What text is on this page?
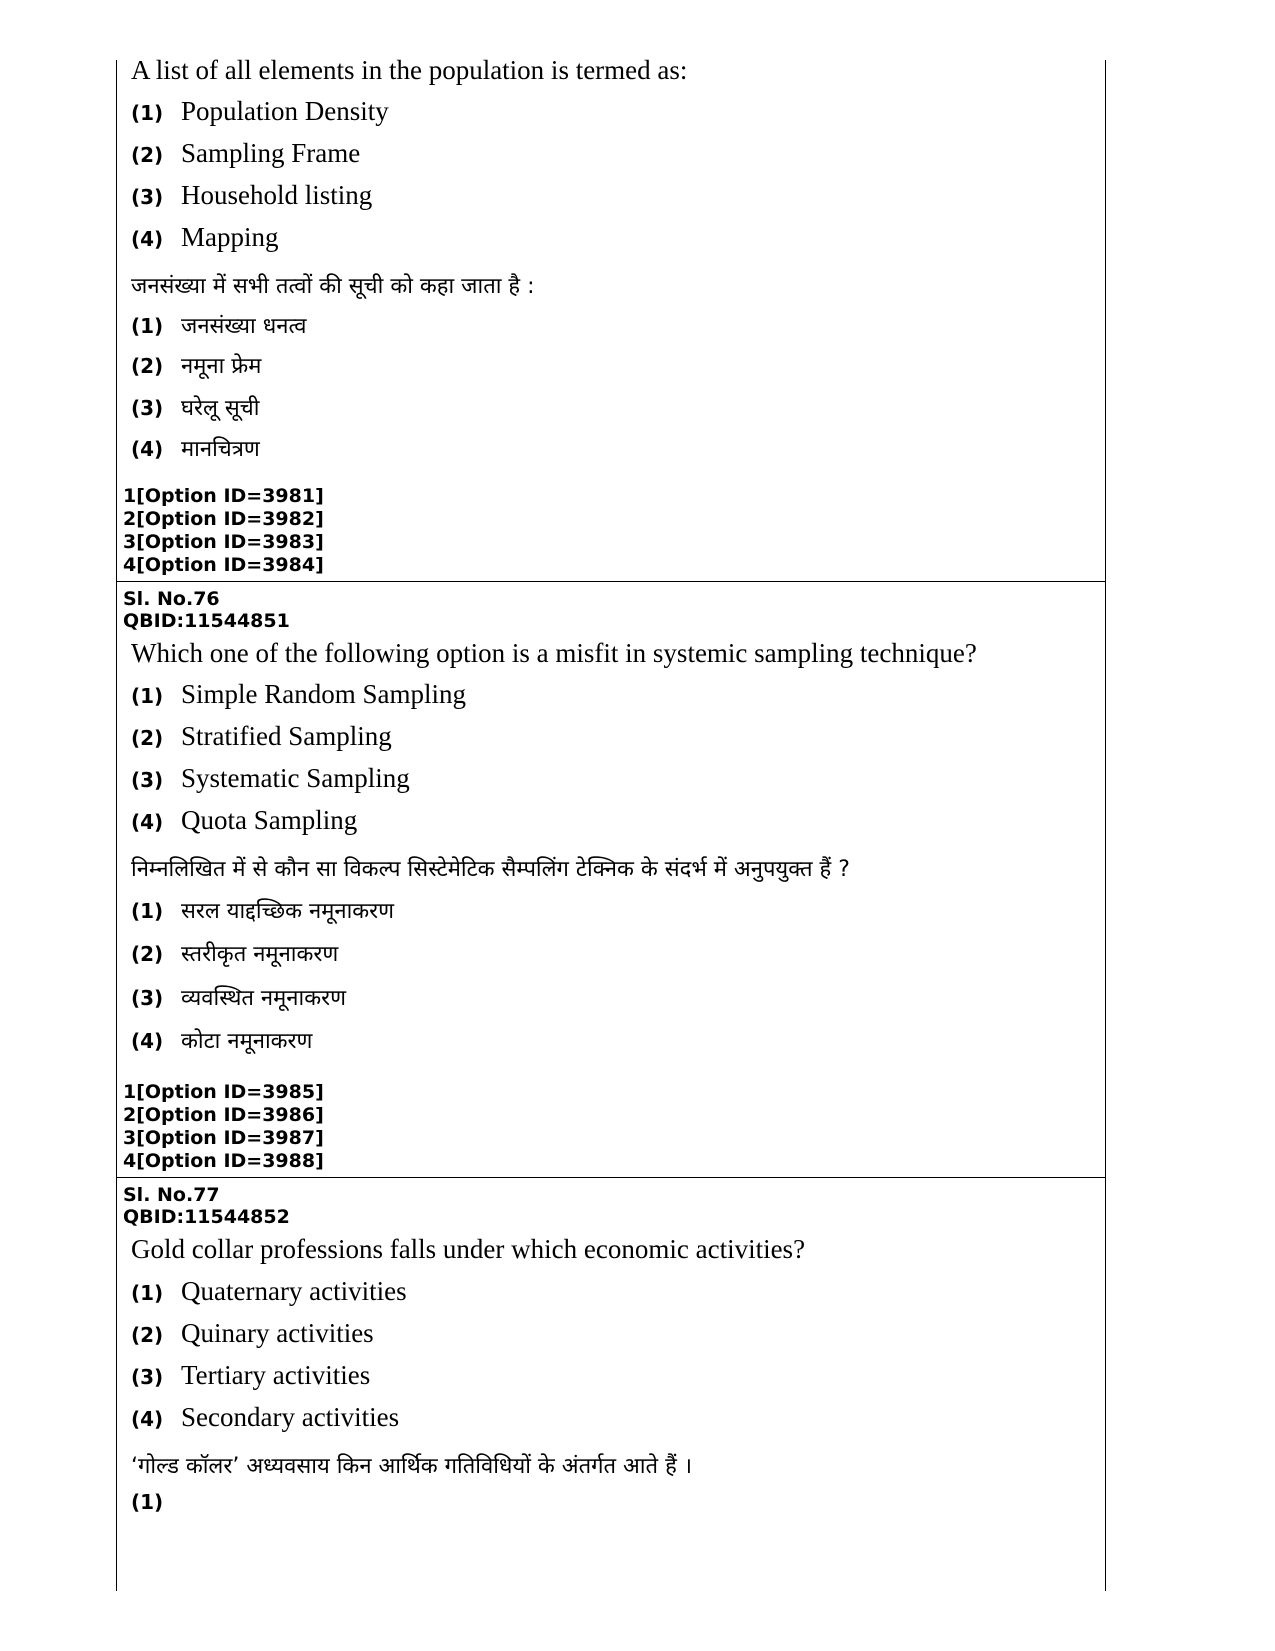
A list of all elements in the population is termed as:
(1) Population Density
(2) Sampling Frame
(3) Household listing
(4) Mapping
जनसंख्या में सभी तत्वों की सूची को कहा जाता है :
(1) जनसंख्या धनत्व
(2) नमूना फ्रेम
(3) घरेलू सूची
(4) मानचित्रण
1[Option ID=3981]
2[Option ID=3982]
3[Option ID=3983]
4[Option ID=3984]
Sl. No.76
QBID:11544851
Which one of the following option is a misfit in systemic sampling technique?
(1) Simple Random Sampling
(2) Stratified Sampling
(3) Systematic Sampling
(4) Quota Sampling
निम्नलिखित में से कौन सा विकल्प सिस्टेमेटिक सैम्पलिंग टेक्निक के संदर्भ में अनुपयुक्त हैं ?
(1) सरल याद्दच्छिक नमूनाकरण
(2) स्तरीकृत नमूनाकरण
(3) व्यवस्थित नमूनाकरण
(4) कोटा नमूनाकरण
1[Option ID=3985]
2[Option ID=3986]
3[Option ID=3987]
4[Option ID=3988]
Sl. No.77
QBID:11544852
Gold collar professions falls under which economic activities?
(1) Quaternary activities
(2) Quinary activities
(3) Tertiary activities
(4) Secondary activities
‘गोल्ड कॉलर’ अध्यवसाय किन आर्थिक गतिविधियों के अंतर्गत आते हैं ।
(1)
